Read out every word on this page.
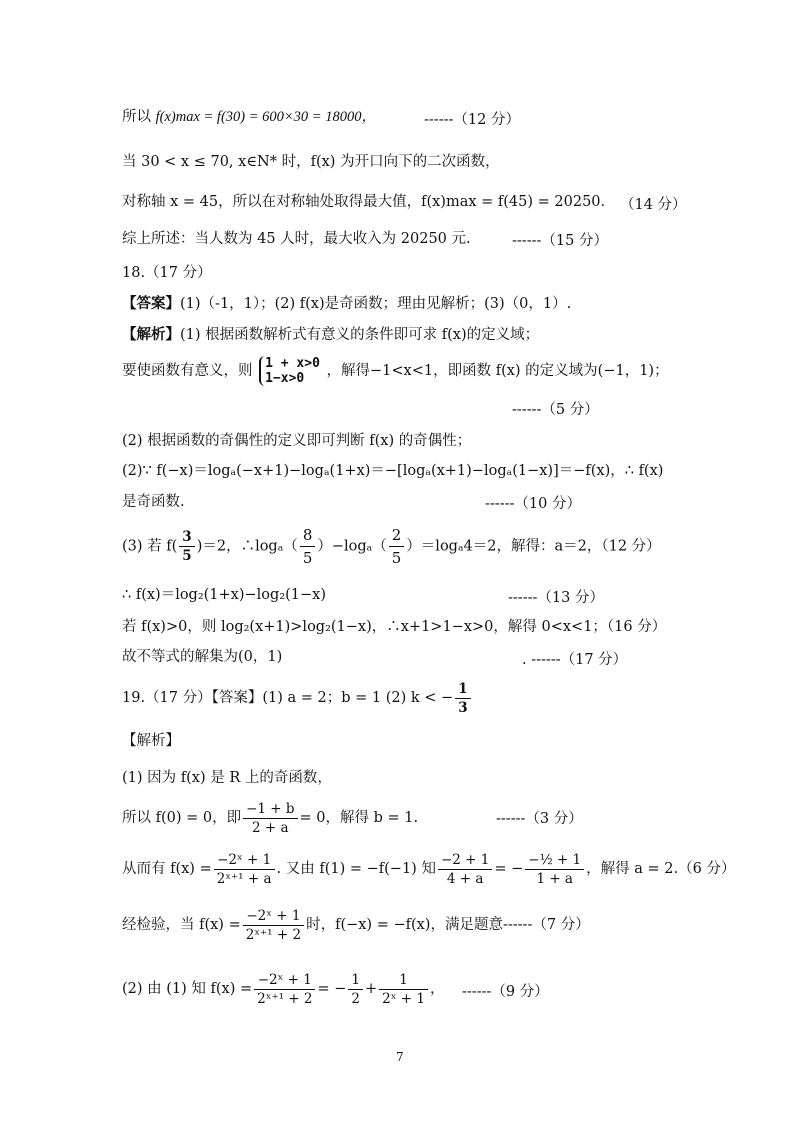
所以 f(x)max = f(30) = 600×30 = 18000，	------（12 分）
当 30 < x ≤ 70, x∈N* 时，f(x) 为开口向下的二次函数，
对称轴 x = 45，所以在对称轴处取得最大值，f(x)max = f(45) = 20250． （14 分）
综上所述：当人数为 45 人时，最大收入为 20250 元.	------（15 分）
18.（17 分）
【答案】(1)（-1，1）；(2) f(x)是奇函数；理由见解析；(3)（0，1）.
【解析】(1) 根据函数解析式有意义的条件即可求 f(x)的定义域；
要使函数有意义，则 1 + x>0
1−x>0	，解得−1<x<1，即函数 f(x) 的定义域为(−1，1)；
------（5 分）
(2) 根据函数的奇偶性的定义即可判断 f(x) 的奇偶性；
(2)∵ f(−x)＝logₐ(−x+1)−logₐ(1+x)＝−[logₐ(x+1)−logₐ(1−x)]＝−f(x)，∴ f(x)
是奇函数.	------（10 分）
(3) 若 $f( \frac{3}{5} )=2$，∴logₐ（ $\frac{8}{5} )-\log_a( \frac{2}{5} )=\log_a4=2$，解得：a＝2，（12 分）
∴ f(x)＝log₂(1+x)−log₂(1−x)	------（13 分）
若 f(x)>0，则 log₂(x+1)>log₂(1−x)，∴x+1>1−x>0，解得 0<x<1；（16 分）
故不等式的解集为(0，1)	. ------（17 分）
19.（17 分）【答案】(1) a = 2；b = 1 (2) k < − $\frac{1}{3}$
【解析】
(1) 因为 f(x) 是 R 上的奇函数，
所以 f(0) = 0，即 $\frac{-1 + b}{2 + a} = 0$，解得 b = 1.	------（3 分）
从而有 $f(x) = \frac{\text{−2ˣ + 1}}{\text{2ˣ⁺¹ + a}}$ . 又由 f(1) = −f(−1) 知 $\frac{-2 + 1}{4 + a}$ = − $\frac{\text{−½ + 1}}{1 + a}$ ，解得 a = 2.（6 分）
经检验，当 $f(x) = \frac{\text{−2ˣ + 1}}{\text{2ˣ⁺¹ + 2}}$ 时，f(−x) = −f(x)，满足题意------（7 分）
(2) 由 (1) 知 $f(x) = \frac{\text{−2ˣ + 1}}{\text{2ˣ⁺¹ + 2}}$ = − $\frac{1}{2} + \frac{1}{\text{2ˣ + 1}}$ ， ------（9 分）
7
